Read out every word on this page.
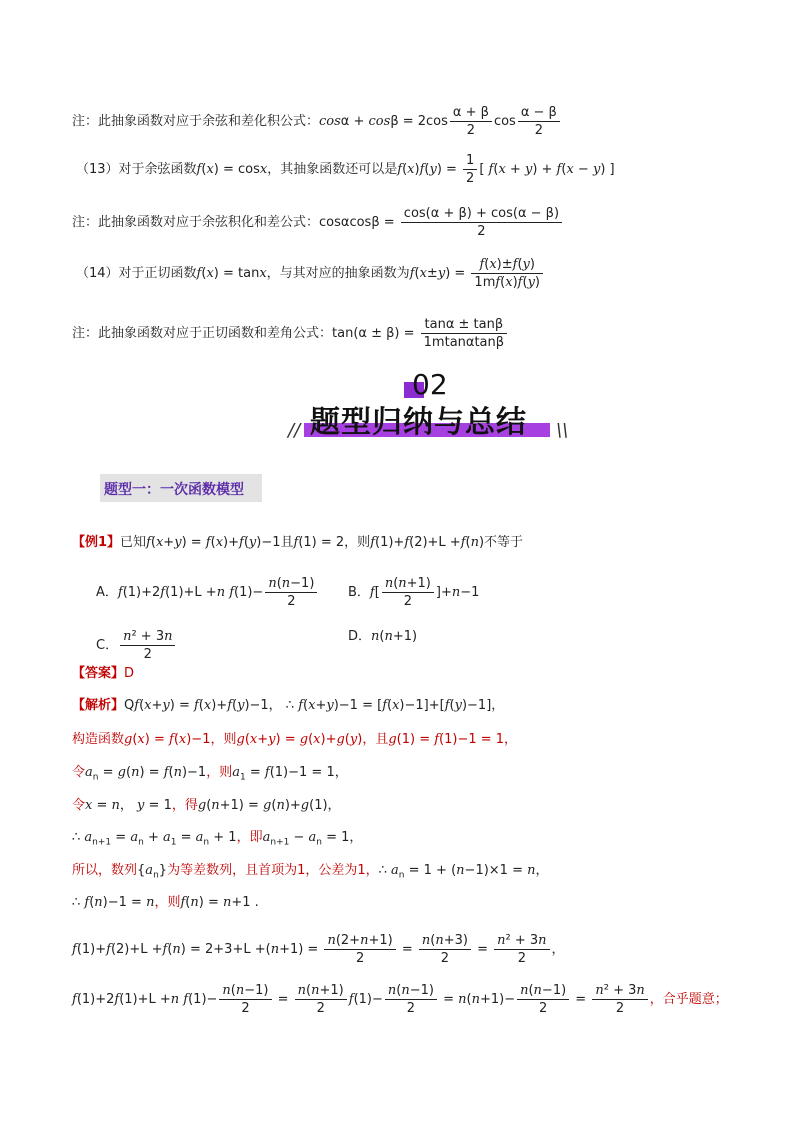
注：此抽象函数对应于余弦和差化积公式：$\cos\alpha + \cos\beta = 2\cos \frac{\alpha + \beta}{2}$ $\cos \frac{\alpha - \beta}{2}$
（13）对于余弦函数f(x) = cosx，其抽象函数还可以是$f(x)f(y) = \frac{1}{2}$ [ f(x + y) + f(x − y) ]
注：此抽象函数对应于余弦积化和差公式：$\cos\alpha\cos\beta = \frac{\cos(\alpha + \beta) + \cos(\alpha - \beta)}{2}$
（14）对于正切函数f(x) = tanx，与其对应的抽象函数为$f(x\pm y) = \frac{f(x)\pm f(y)}{1mf(x)f(y)}$
注：此抽象函数对应于正切函数和差角公式：$\tan(\alpha \pm \beta) = \frac{\tan\alpha \pm \tan\beta}{1mtan\alpha\tan\beta}$
02
题型归纳与总结
//	\\
题型一：一次函数模型
【例1】已知f(x+y) = f(x)+f(y)−1且f(1) = 2，则f(1)+f(2)+L +f(n)不等于
A．f(1)+2f(1)+L +n $f(1)- \frac{n(n-1)}{2}$ B．$f[ \frac{n(n+1)}{2} ]+n-1$
C． $\frac{\text{n² + 3n}}{2}$	D．n(n+1)
【答案】D
【解析】Qf(x+y) = f(x)+f(y)−1， ∴ f(x+y)−1 = [f(x)−1]+[f(y)−1]，
构造函数g(x) = f(x)−1，则g(x+y) = g(x)+g(y)，且g(1) = f(1)−1 = 1，
令$a_n = g(n) = f(n)-1$，则$a_1 = f(1)-1 = 1$，
令x = n， y = 1，得g(n+1) = g(n)+g(1)，
∴ $a_{n+1} = a_n + a_1 = a_n + 1$，即$a_{n+1} - a_n = 1$，
所以，数列$\{a_n\}$为等差数列，且首项为1，公差为1，∴ $a_n = 1 + (n-1)\times 1 = n$，
∴ f(n)−1 = n，则f(n) = n+1 .
$f(1)+f(2)+L +f(n) = 2+3+L +(n+1) = \frac{n(2+n+1)}{2} = \frac{n(n+3)}{2} = \frac{\text{n² + 3n}}{2}$ ，
f(1)+2f(1)+L +n $f(1)- \frac{n(n-1)}{2} = \frac{n(n+1)}{2} f(1)- \frac{n(n-1)}{2} = n(n+1)- \frac{n(n-1)}{2} = \frac{\text{n² + 3n}}{2}$ ，合乎题意；
